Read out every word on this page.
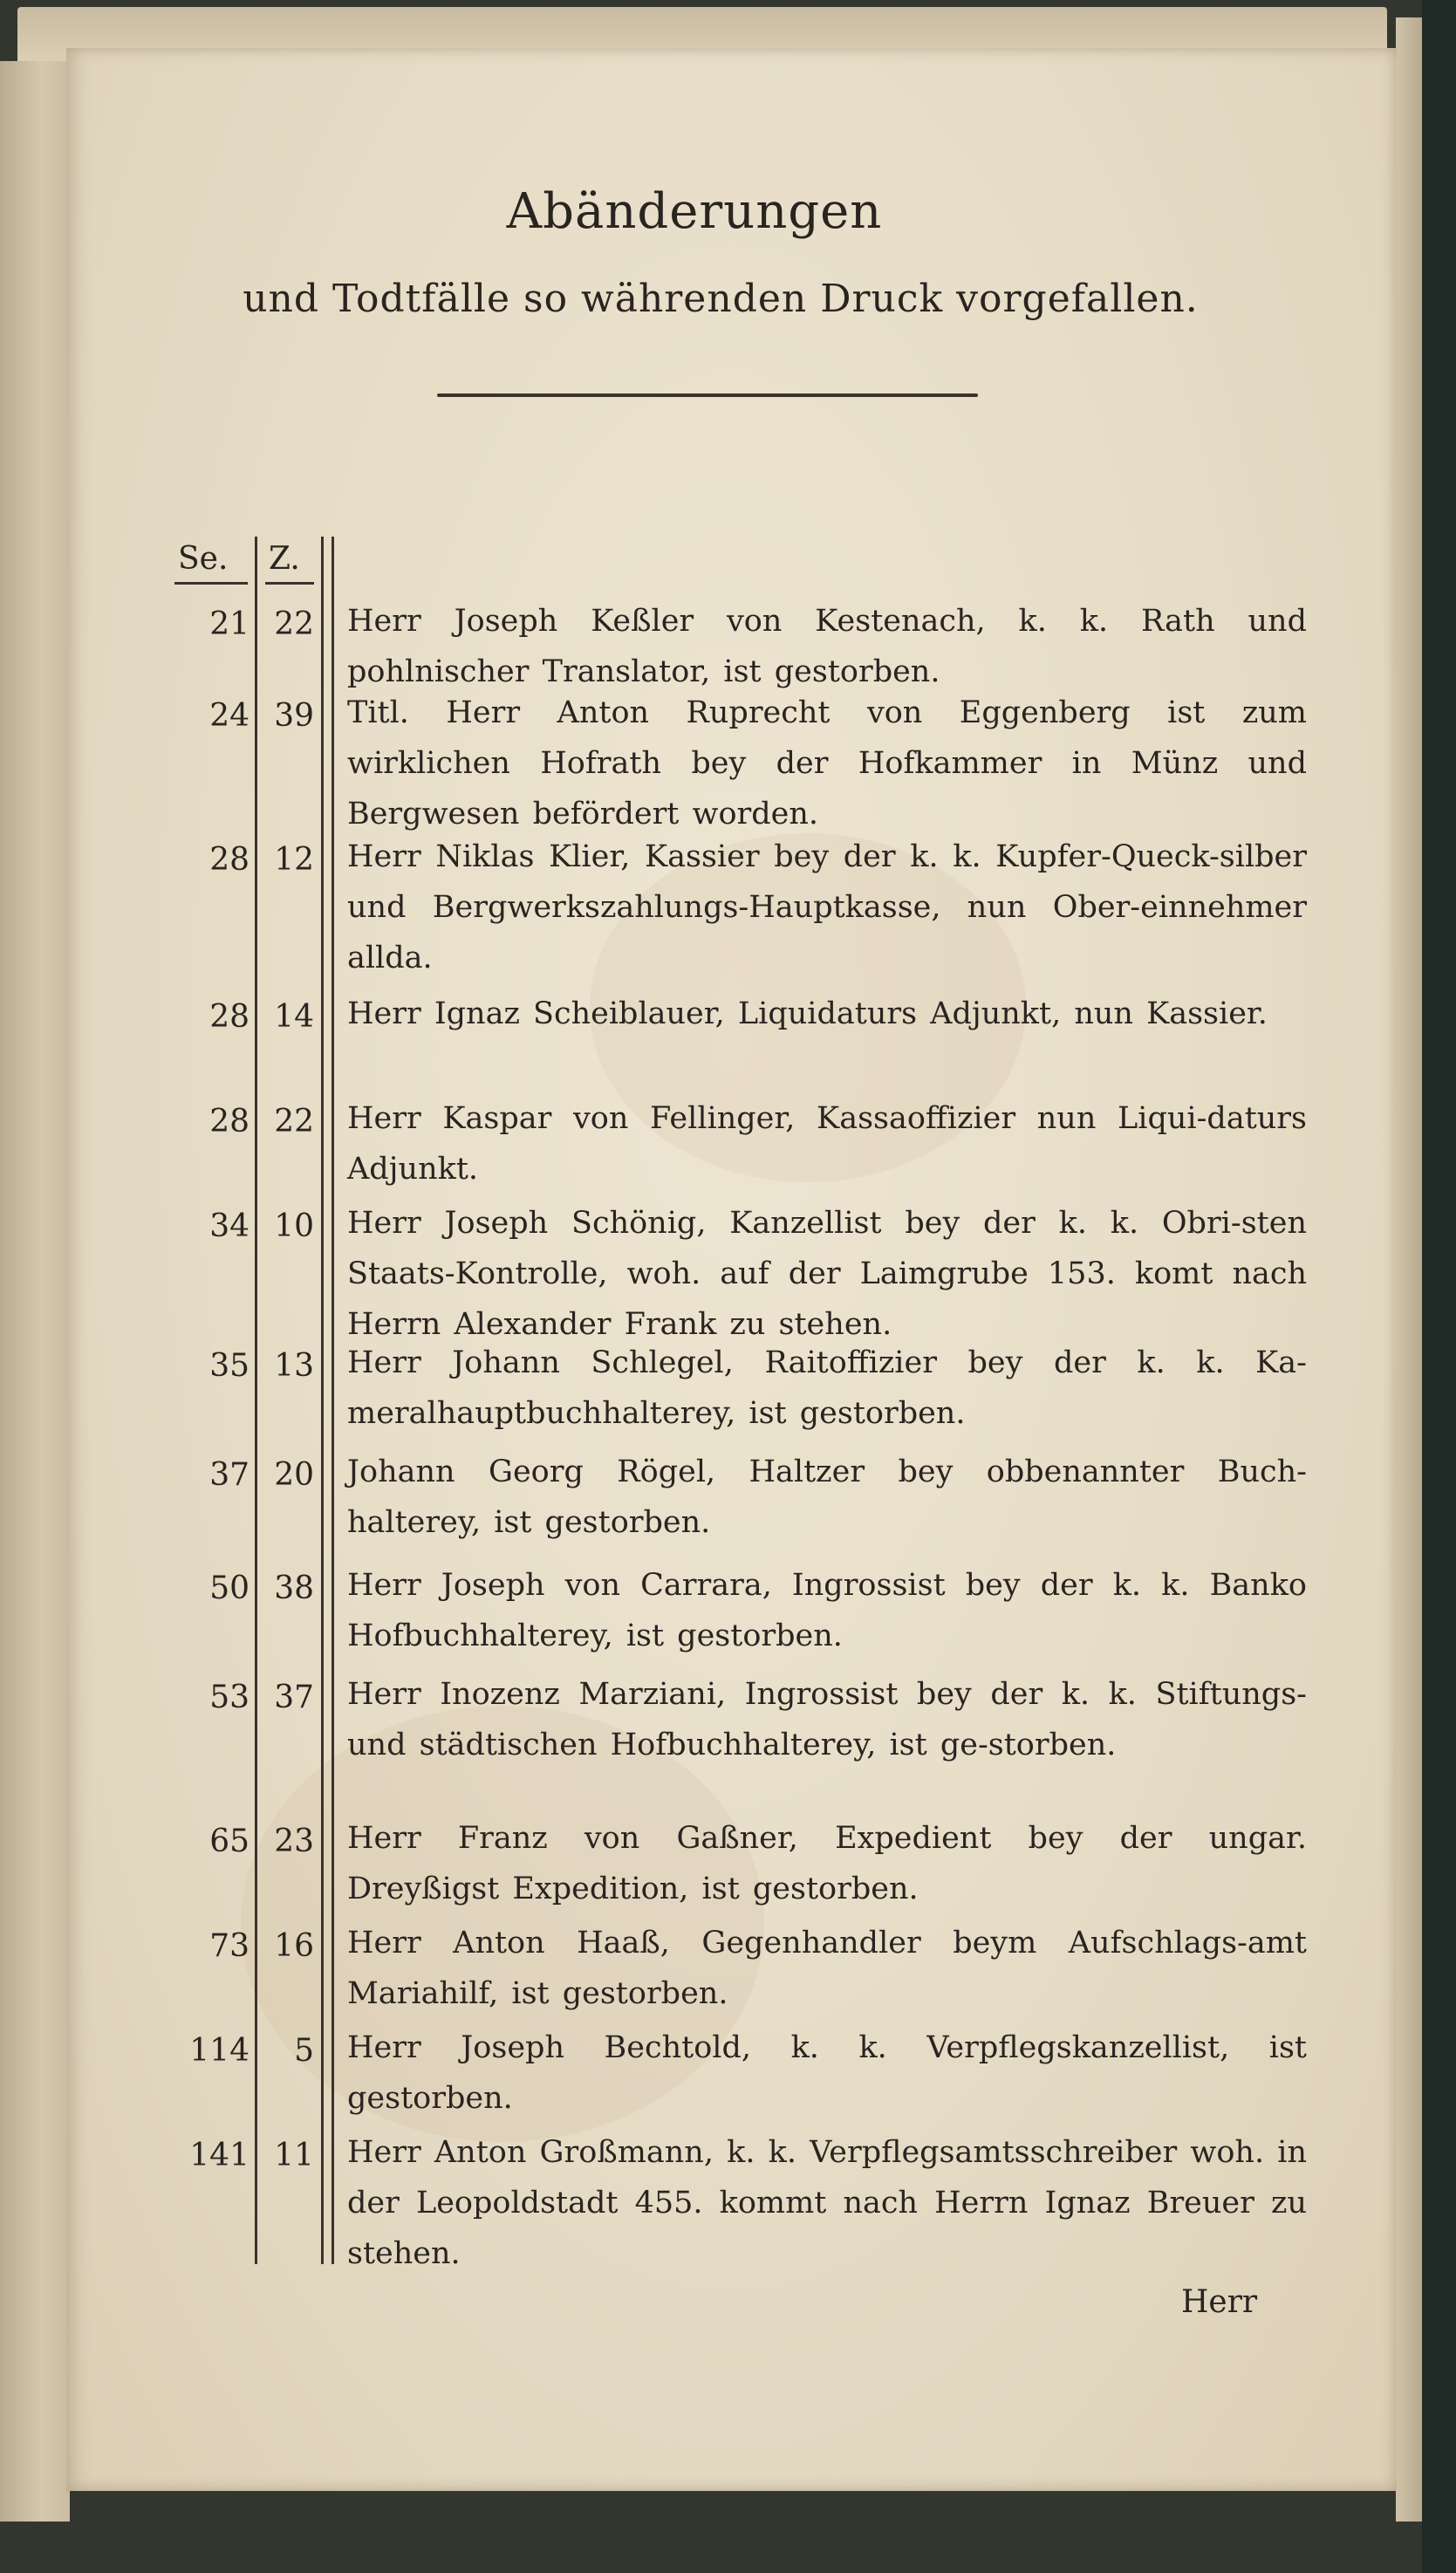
Abänderungen
und Todtfälle so währenden Druck vorgefallen.
Se. Z.
21 22 Herr Joseph Keßler von Kestenach, k. k. Rath und pohlnischer Translator, ist gestorben.
24 39 Titl. Herr Anton Ruprecht von Eggenberg ist zum wirklichen Hofrath bey der Hofkammer in Münz und Bergwesen befördert worden.
28 12 Herr Niklas Klier, Kassier bey der k. k. Kupfer-Queck-silber und Bergwerkszahlungs-Hauptkasse, nun Ober-einnehmer allda.
28 14 Herr Ignaz Scheiblauer, Liquidaturs Adjunkt, nun Kassier.
28 22 Herr Kaspar von Fellinger, Kassaoffizier nun Liqui-daturs Adjunkt.
34 10 Herr Joseph Schönig, Kanzellist bey der k. k. Obri-sten Staats-Kontrolle, woh. auf der Laimgrube 153. komt nach Herrn Alexander Frank zu stehen.
35 13 Herr Johann Schlegel, Raitoffizier bey der k. k. Ka-meralhauptbuchhalterey, ist gestorben.
37 20 Johann Georg Rögel, Haltzer bey obbenannter Buch-halterey, ist gestorben.
50 38 Herr Joseph von Carrara, Ingrossist bey der k. k. Banko Hofbuchhalterey, ist gestorben.
53 37 Herr Inozenz Marziani, Ingrossist bey der k. k. Stiftungs- und städtischen Hofbuchhalterey, ist ge-storben.
65 23 Herr Franz von Gaßner, Expedient bey der ungar. Dreyßigst Expedition, ist gestorben.
73 16 Herr Anton Haaß, Gegenhandler beym Aufschlags-amt Mariahilf, ist gestorben.
114	5 Herr Joseph Bechtold, k. k. Verpflegskanzellist, ist gestorben.
141 11 Herr Anton Großmann, k. k. Verpflegsamtsschreiber woh. in der Leopoldstadt 455. kommt nach Herrn Ignaz Breuer zu stehen.
Herr
